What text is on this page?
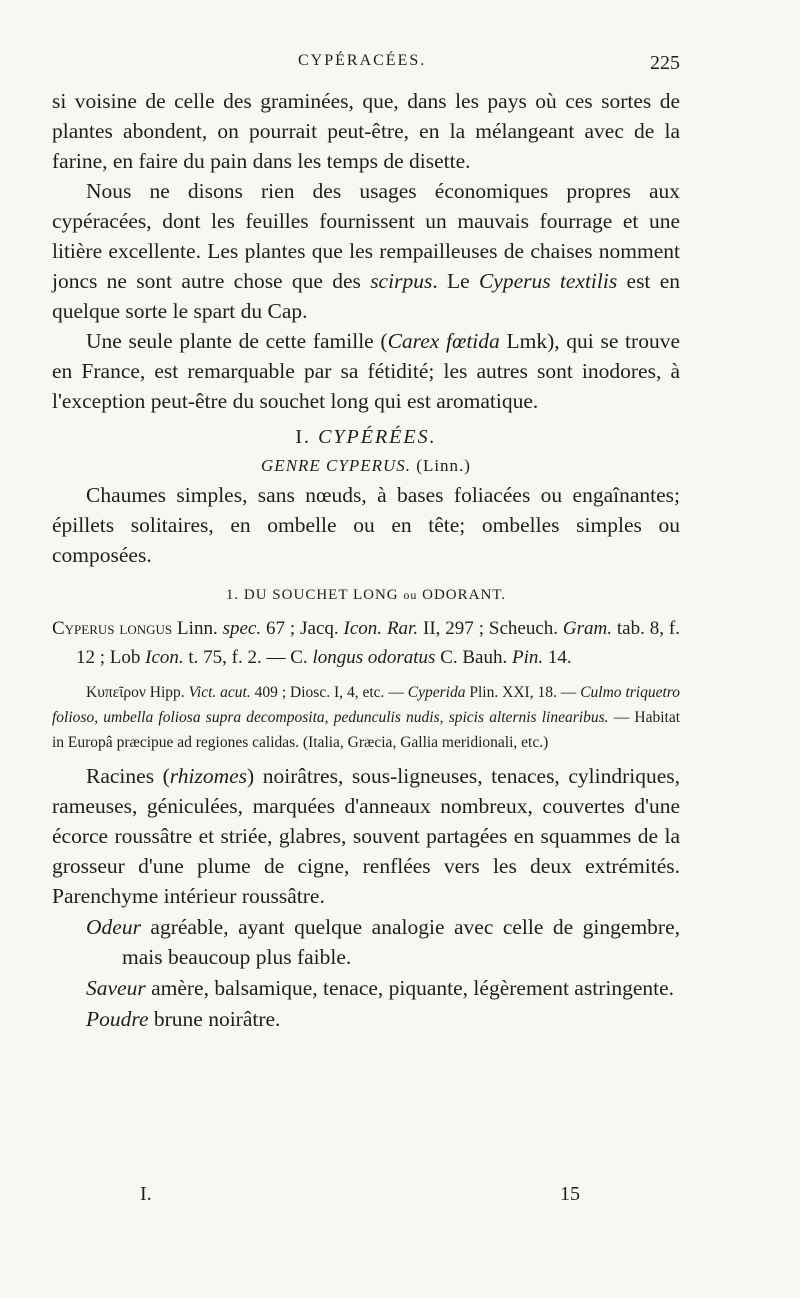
CYPÉRACÉES.	225

si voisine de celle des graminées, que, dans les pays où ces sortes de plantes abondent, on pourrait peut-être, en la mélangeant avec de la farine, en faire du pain dans les temps de disette.

Nous ne disons rien des usages économiques propres aux cypéracées, dont les feuilles fournissent un mauvais fourrage et une litière excellente. Les plantes que les rempailleuses de chaises nomment joncs ne sont autre chose que des scirpus. Le Cyperus textilis est en quelque sorte le spart du Cap.

Une seule plante de cette famille (Carex fœtida Lmk), qui se trouve en France, est remarquable par sa fétidité; les autres sont inodores, à l'exception peut-être du souchet long qui est aromatique.

I. CYPÉRÉES.

GENRE CYPERUS. (Linn.)

Chaumes simples, sans nœuds, à bases foliacées ou engaînantes; épillets solitaires, en ombelle ou en tête; ombelles simples ou composées.

1. DU SOUCHET LONG ou ODORANT.

Cyperus longus Linn. spec. 67 ; Jacq. Icon. Rar. II, 297 ; Scheuch. Gram. tab. 8, f. 12 ; Lob Icon. t. 75, f. 2. — C. longus odoratus C. Bauh. Pin. 14.

Κυπεῖρον Hipp. Vict. acut. 409 ; Diosc. I, 4, etc. — Cyperida Plin. XXI, 18. — Culmo triquetro folioso, umbella foliosa supra decomposita, pedunculis nudis, spicis alternis linearibus. — Habitat in Europâ præcipue ad regiones calidas. (Italia, Græcia, Gallia meridionali, etc.)

Racines (rhizomes) noirâtres, sous-ligneuses, tenaces, cylindriques, rameuses, géniculées, marquées d'anneaux nombreux, couvertes d'une écorce roussâtre et striée, glabres, souvent partagées en squammes de la grosseur d'une plume de cigne, renflées vers les deux extrémités. Parenchyme intérieur roussâtre.

Odeur agréable, ayant quelque analogie avec celle de gingembre, mais beaucoup plus faible.

Saveur amère, balsamique, tenace, piquante, légèrement astringente.

Poudre brune noirâtre.

I.	15
